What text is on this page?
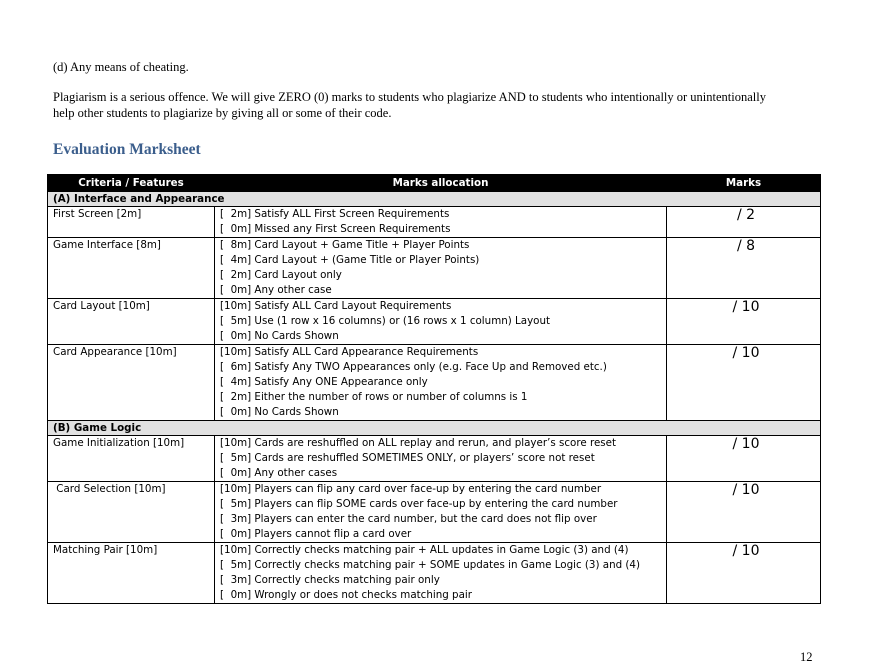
(d) Any means of cheating.

Plagiarism is a serious offence. We will give ZERO (0) marks to students who plagiarize AND to students who intentionally or unintentionally help other students to plagiarize by giving all or some of their code.

Evaluation Marksheet
Criteria / Features	Marks allocation	Marks
(A) Interface and Appearance		
First Screen [2m]	[  2m] Satisfy ALL First Screen Requirements
[  0m] Missed any First Screen Requirements	/ 2
Game Interface [8m]	[  8m] Card Layout + Game Title + Player Points
[  4m] Card Layout + (Game Title or Player Points)
[  2m] Card Layout only
[  0m] Any other case	/ 8
Card Layout [10m]	[10m] Satisfy ALL Card Layout Requirements
[  5m] Use (1 row x 16 columns) or (16 rows x 1 column) Layout
[  0m] No Cards Shown	/ 10
Card Appearance [10m]	[10m] Satisfy ALL Card Appearance Requirements
[  6m] Satisfy Any TWO Appearances only (e.g. Face Up and Removed etc.)
[  4m] Satisfy Any ONE Appearance only
[  2m] Either the number of rows or number of columns is 1
[  0m] No Cards Shown	/ 10
(B) Game Logic		
Game Initialization [10m]	[10m] Cards are reshuffled on ALL replay and rerun, and player’s score reset
[  5m] Cards are reshuffled SOMETIMES ONLY, or players’ score not reset
[  0m] Any other cases	/ 10
Card Selection [10m]	[10m] Players can flip any card over face-up by entering the card number
[  5m] Players can flip SOME cards over face-up by entering the card number
[  3m] Players can enter the card number, but the card does not flip over
[  0m] Players cannot flip a card over	/ 10
Matching Pair [10m]	[10m] Correctly checks matching pair + ALL updates in Game Logic (3) and (4)
[  5m] Correctly checks matching pair + SOME updates in Game Logic (3) and (4)
[  3m] Correctly checks matching pair only
[  0m] Wrongly or does not checks matching pair	/ 10

12
